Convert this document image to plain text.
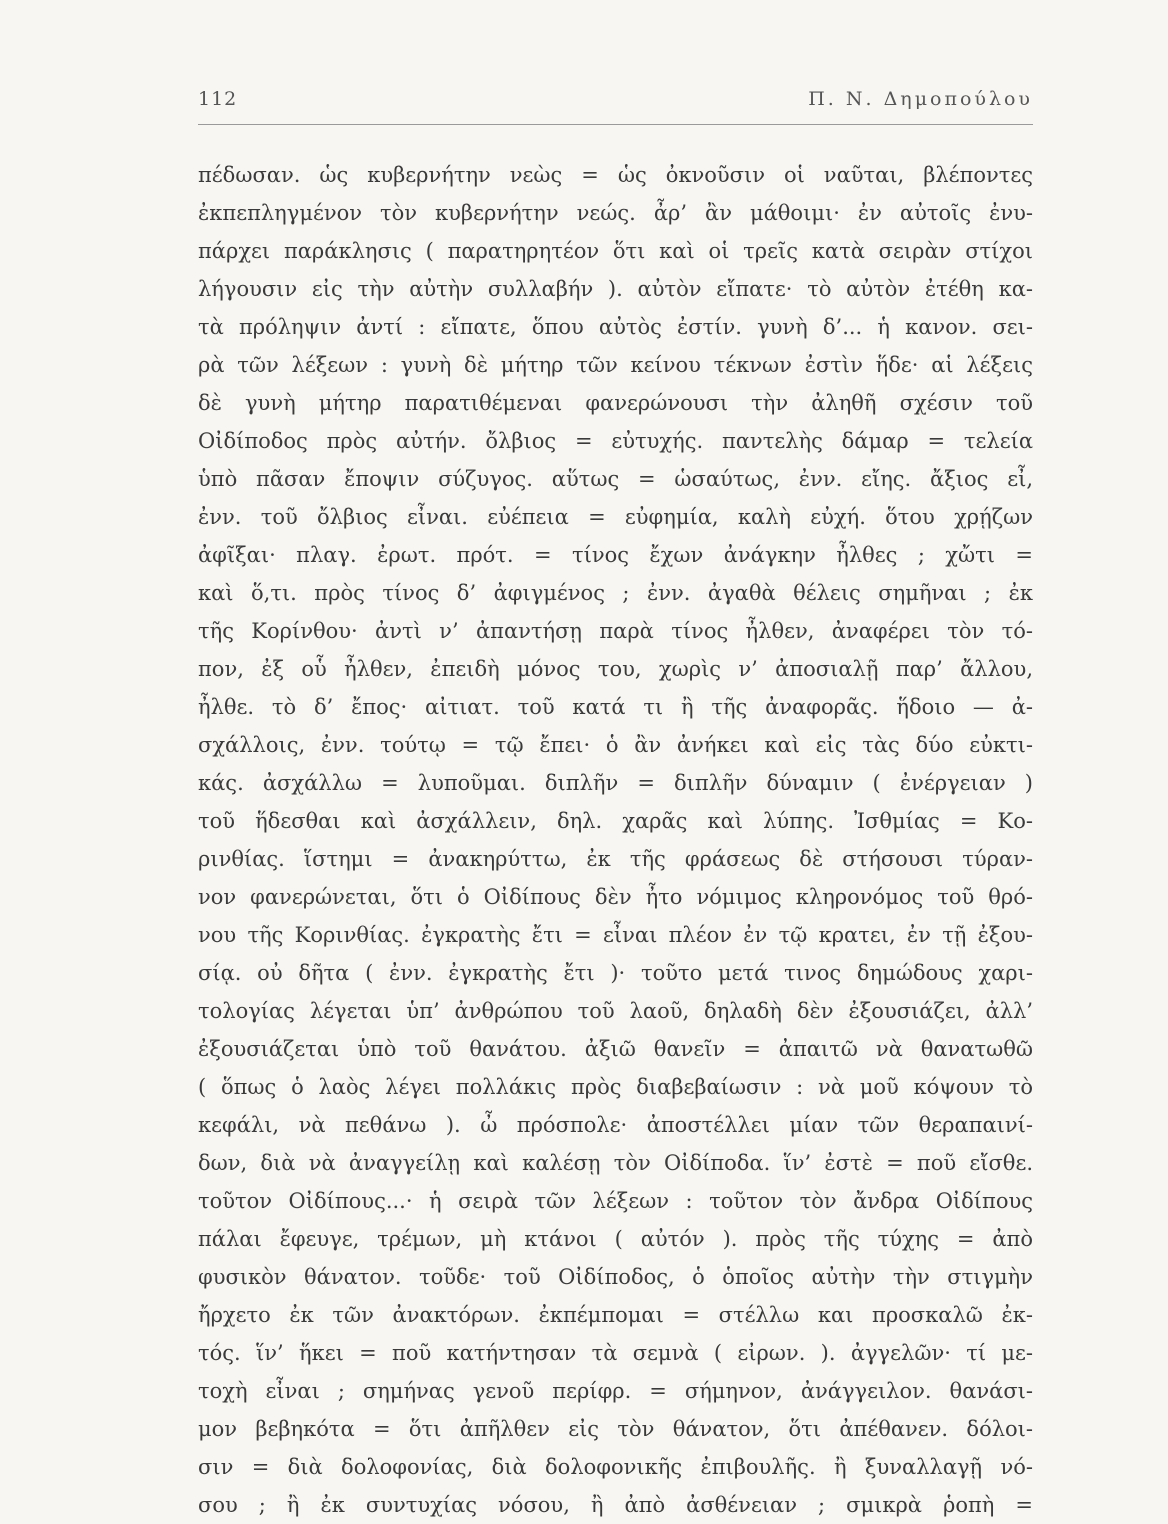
112	Π. Ν. Δημοπούλου
πέδωσαν. ὡς κυβερνήτην νεὼς = ὡς ὀκνοῦσιν οἱ ναῦται, βλέποντες
ἐκπεπληγμένον τὸν κυβερνήτην νεώς. ἆρ’ ἂν μάθοιμι· ἐν αὐτοῖς ἐνυ-
πάρχει παράκλησις ( παρατηρητέον ὅτι καὶ οἱ τρεῖς κατὰ σειρὰν στίχοι
λήγουσιν εἰς τὴν αὐτὴν συλλαβήν ). αὐτὸν εἴπατε· τὸ αὐτὸν ἐτέθη κα-
τὰ πρόληψιν ἀντί : εἴπατε, ὅπου αὐτὸς ἐστίν. γυνὴ δ’... ἡ κανον. σει-
ρὰ τῶν λέξεων : γυνὴ δὲ μήτηρ τῶν κείνου τέκνων ἐστὶν ἥδε· αἱ λέξεις
δὲ γυνὴ μήτηρ παρατιθέμεναι φανερώνουσι τὴν ἀληθῆ σχέσιν τοῦ
Οἰδίποδος πρὸς αὐτήν. ὄλβιος = εὐτυχής. παντελὴς δάμαρ = τελεία
ὑπὸ πᾶσαν ἔποψιν σύζυγος. αὕτως = ὡσαύτως, ἐνν. εἴης. ἄξιος εἶ,
ἐνν. τοῦ ὄλβιος εἶναι. εὐέπεια = εὐφημία, καλὴ εὐχή. ὅτου χρῄζων
ἀφῖξαι· πλαγ. ἐρωτ. πρότ. = τίνος ἔχων ἀνάγκην ἦλθες ; χὤτι =
καὶ ὅ,τι. πρὸς τίνος δ’ ἀφιγμένος ; ἐνν. ἀγαθὰ θέλεις σημῆναι ; ἐκ
τῆς Κορίνθου· ἀντὶ ν’ ἀπαντήσῃ παρὰ τίνος ἦλθεν, ἀναφέρει τὸν τό-
πον, ἐξ οὗ ἦλθεν, ἐπειδὴ μόνος του, χωρὶς ν’ ἀποσιαλῇ παρ’ ἄλλου,
ἦλθε. τὸ δ’ ἔπος· αἰτιατ. τοῦ κατά τι ἢ τῆς ἀναφορᾶς. ἥδοιο — ἀ-
σχάλλοις, ἐνν. τούτῳ = τῷ ἔπει· ὁ ἂν ἀνήκει καὶ εἰς τὰς δύο εὐκτι-
κάς. ἀσχάλλω = λυποῦμαι. διπλῆν = διπλῆν δύναμιν ( ἐνέργειαν )
τοῦ ἥδεσθαι καὶ ἀσχάλλειν, δηλ. χαρᾶς καὶ λύπης. Ἰσθμίας = Κο-
ρινθίας. ἵστημι = ἀνακηρύττω, ἐκ τῆς φράσεως δὲ στήσουσι τύραν-
νον φανερώνεται, ὅτι ὁ Οἰδίπους δὲν ἦτο νόμιμος κληρονόμος τοῦ θρό-
νου τῆς Κορινθίας. ἐγκρατὴς ἔτι = εἶναι πλέον ἐν τῷ κρατει, ἐν τῇ ἐξου-
σίᾳ. οὐ δῆτα ( ἐνν. ἐγκρατὴς ἔτι )· τοῦτο μετά τινος δημώδους χαρι-
τολογίας λέγεται ὑπ’ ἀνθρώπου τοῦ λαοῦ, δηλαδὴ δὲν ἐξουσιάζει, ἀλλ’
ἐξουσιάζεται ὑπὸ τοῦ θανάτου. ἀξιῶ θανεῖν = ἀπαιτῶ νὰ θανατωθῶ
( ὅπως ὁ λαὸς λέγει πολλάκις πρὸς διαβεβαίωσιν : νὰ μοῦ κόψουν τὸ
κεφάλι, νὰ πεθάνω ). ὦ πρόσπολε· ἀποστέλλει μίαν τῶν θεραπαινί-
δων, διὰ νὰ ἀναγγείλῃ καὶ καλέσῃ τὸν Οἰδίποδα. ἵν’ ἐστὲ = ποῦ εἴσθε.
τοῦτον Οἰδίπους...· ἡ σειρὰ τῶν λέξεων : τοῦτον τὸν ἄνδρα Οἰδίπους
πάλαι ἔφευγε, τρέμων, μὴ κτάνοι ( αὐτόν ). πρὸς τῆς τύχης = ἀπὸ
φυσικὸν θάνατον. τοῦδε· τοῦ Οἰδίποδος, ὁ ὁποῖος αὐτὴν τὴν στιγμὴν
ἤρχετο ἐκ τῶν ἀνακτόρων. ἐκπέμπομαι = στέλλω και προσκαλῶ ἐκ-
τός. ἵν’ ἥκει = ποῦ κατήντησαν τὰ σεμνὰ ( εἰρων. ). ἀγγελῶν· τί με-
τοχὴ εἶναι ; σημήνας γενοῦ περίφρ. = σήμηνον, ἀνάγγειλον. θανάσι-
μον βεβηκότα = ὅτι ἀπῆλθεν εἰς τὸν θάνατον, ὅτι ἀπέθανεν. δόλοι-
σιν = διὰ δολοφονίας, διὰ δολοφονικῆς ἐπιβουλῆς. ἢ ξυναλλαγῇ νό-
σου ; ἢ ἐκ συντυχίας νόσου, ἢ ἀπὸ ἀσθένειαν ; σμικρὰ ῥοπὴ =
